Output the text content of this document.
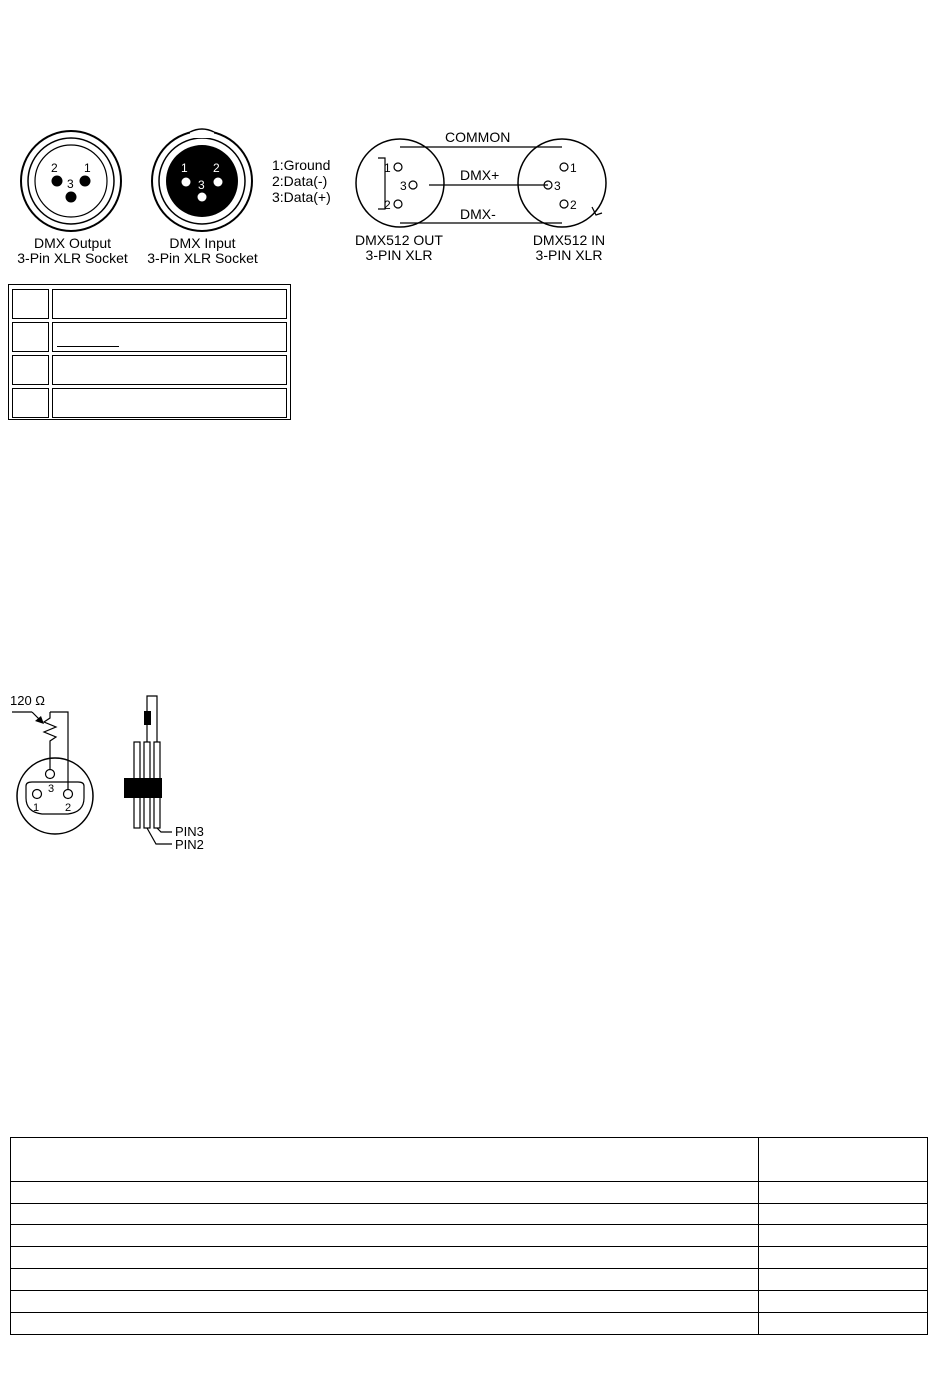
2 1
3
DMX Output
3-Pin XLR Socket
1 2
3
DMX Input
3-Pin XLR Socket
1:Ground
2:Data(-)
3:Data(+)
1
3
2
1
3
2
COMMON
DMX+
DMX-
DMX512 OUT
3-PIN XLR
DMX512 IN
3-PIN XLR
120 Ω
1
3
2
PIN3
PIN2
